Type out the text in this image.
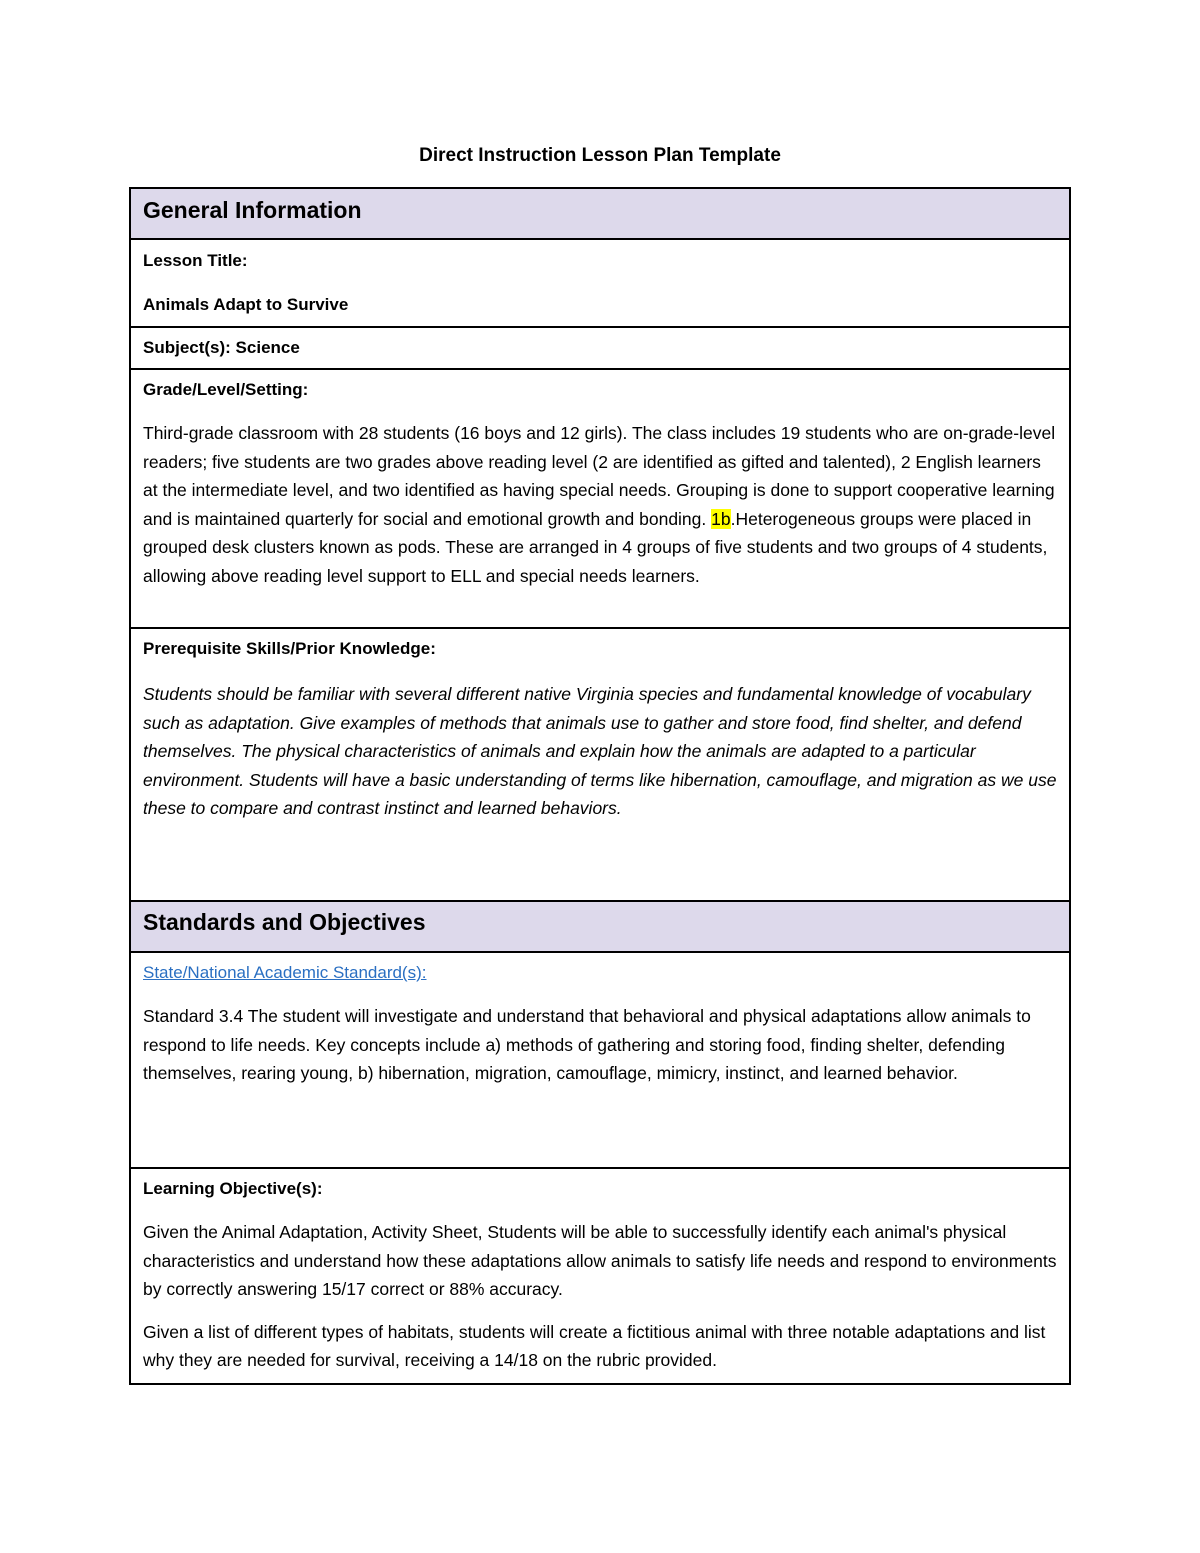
Direct Instruction Lesson Plan Template
General Information
Lesson Title:
Animals Adapt to Survive
Subject(s): Science
Grade/Level/Setting:

Third-grade classroom with 28 students (16 boys and 12 girls). The class includes 19 students who are on-grade-level readers; five students are two grades above reading level (2 are identified as gifted and talented), 2 English learners at the intermediate level, and two identified as having special needs. Grouping is done to support cooperative learning and is maintained quarterly for social and emotional growth and bonding. 1b.Heterogeneous groups were placed in grouped desk clusters known as pods. These are arranged in 4 groups of five students and two groups of 4 students, allowing above reading level support to ELL and special needs learners.

Prerequisite Skills/Prior Knowledge:

Students should be familiar with several different native Virginia species and fundamental knowledge of vocabulary such as adaptation. Give examples of methods that animals use to gather and store food, find shelter, and defend themselves. The physical characteristics of animals and explain how the animals are adapted to a particular environment. Students will have a basic understanding of terms like hibernation, camouflage, and migration as we use these to compare and contrast instinct and learned behaviors.

Standards and Objectives
State/National Academic Standard(s):

Standard 3.4 The student will investigate and understand that behavioral and physical adaptations allow animals to respond to life needs. Key concepts include a) methods of gathering and storing food, finding shelter, defending themselves, rearing young, b) hibernation, migration, camouflage, mimicry, instinct, and learned behavior.

Learning Objective(s):

Given the Animal Adaptation, Activity Sheet, Students will be able to successfully identify each animal's physical characteristics and understand how these adaptations allow animals to satisfy life needs and respond to environments by correctly answering 15/17 correct or 88% accuracy.

Given a list of different types of habitats, students will create a fictitious animal with three notable adaptations and list why they are needed for survival, receiving a 14/18 on the rubric provided.
